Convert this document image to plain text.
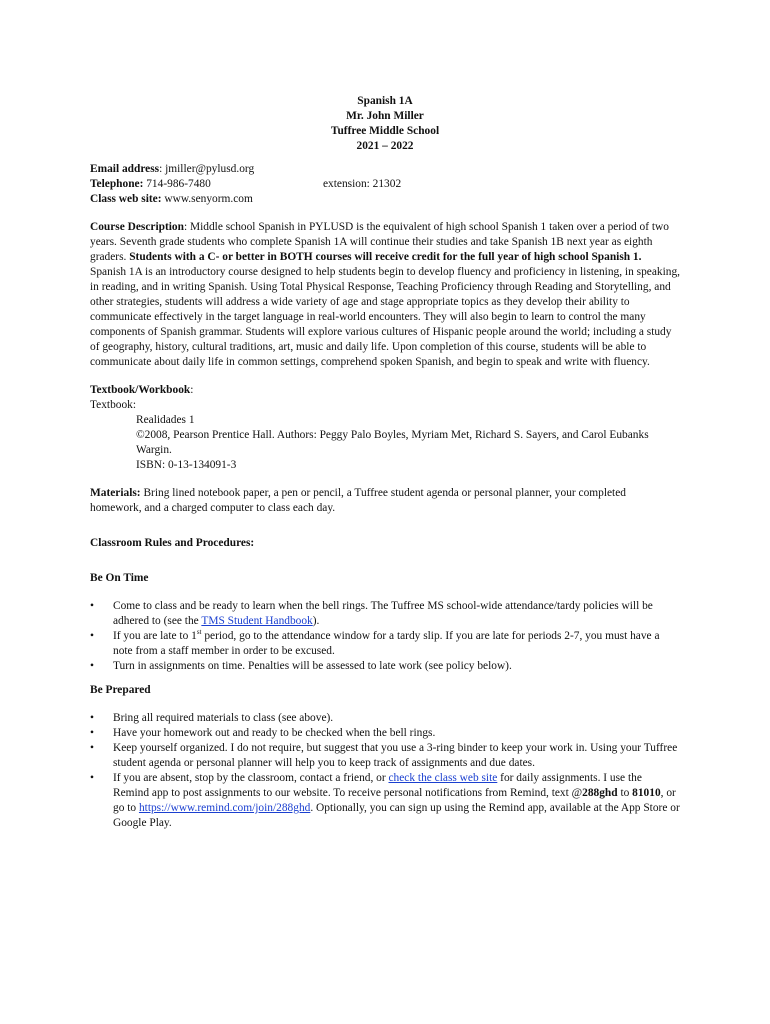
Spanish 1A
Mr. John Miller
Tuffree Middle School
2021 – 2022
Email address: jmiller@pylusd.org
Telephone: 714-986-7480	extension: 21302
Class web site: www.senyorm.com

Course Description: Middle school Spanish in PYLUSD is the equivalent of high school Spanish 1 taken over a period of two years. Seventh grade students who complete Spanish 1A will continue their studies and take Spanish 1B next year as eighth graders. Students with a C- or better in BOTH courses will receive credit for the full year of high school Spanish 1. Spanish 1A is an introductory course designed to help students begin to develop fluency and proficiency in listening, in speaking, in reading, and in writing Spanish. Using Total Physical Response, Teaching Proficiency through Reading and Storytelling, and other strategies, students will address a wide variety of age and stage appropriate topics as they develop their ability to communicate effectively in the target language in real-world encounters. They will also begin to learn to control the many components of Spanish grammar. Students will explore various cultures of Hispanic people around the world; including a study of geography, history, cultural traditions, art, music and daily life. Upon completion of this course, students will be able to communicate about daily life in common settings, comprehend spoken Spanish, and begin to speak and write with fluency.

Textbook/Workbook:
Textbook:
Realidades 1
©2008, Pearson Prentice Hall. Authors: Peggy Palo Boyles, Myriam Met, Richard S. Sayers, and Carol Eubanks Wargin.
ISBN: 0-13-134091-3

Materials: Bring lined notebook paper, a pen or pencil, a Tuffree student agenda or personal planner, your completed homework, and a charged computer to class each day.

Classroom Rules and Procedures:
Be On Time
•	Come to class and be ready to learn when the bell rings. The Tuffree MS school-wide attendance/tardy policies will be adhered to (see the TMS Student Handbook).
•	If you are late to 1st period, go to the attendance window for a tardy slip. If you are late for periods 2-7, you must have a note from a staff member in order to be excused.
•	Turn in assignments on time. Penalties will be assessed to late work (see policy below).
Be Prepared
•	Bring all required materials to class (see above).
•	Have your homework out and ready to be checked when the bell rings.
•	Keep yourself organized. I do not require, but suggest that you use a 3-ring binder to keep your work in. Using your Tuffree student agenda or personal planner will help you to keep track of assignments and due dates.
•	If you are absent, stop by the classroom, contact a friend, or check the class web site for daily assignments. I use the Remind app to post assignments to our website. To receive personal notifications from Remind, text @288ghd to 81010, or go to https://www.remind.com/join/288ghd. Optionally, you can sign up using the Remind app, available at the App Store or Google Play.
